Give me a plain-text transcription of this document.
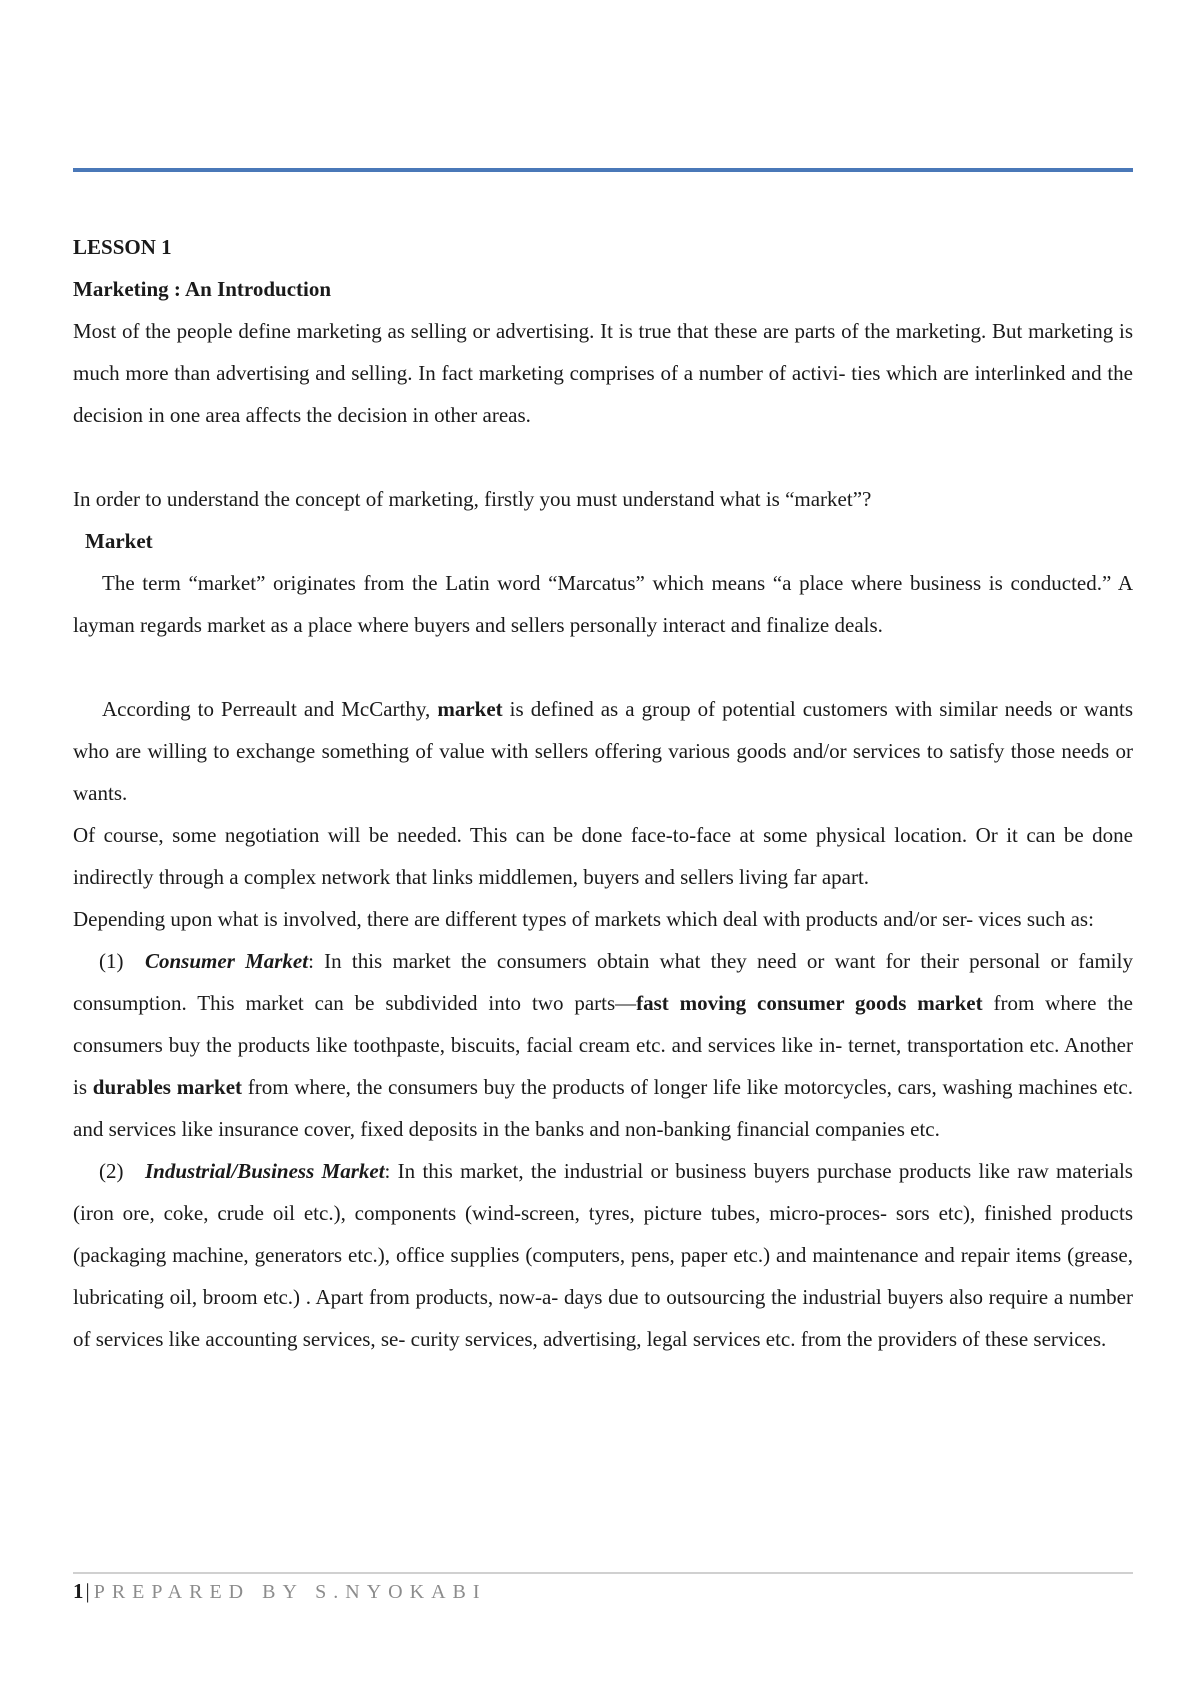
LESSON 1

Marketing : An Introduction

Most of the people define marketing as selling or advertising. It is true that these are parts of the marketing. But marketing is much more than advertising and selling. In fact marketing comprises of a number of activi- ties which are interlinked and the decision in one area affects the decision in other areas.

In order to understand the concept of marketing, firstly you must understand what is “market”?

Market

The term “market” originates from the Latin word “Marcatus” which means “a place where business is conducted.” A layman regards market as a place where buyers and sellers personally interact and finalize deals.

According to Perreault and McCarthy, market is defined as a group of potential customers with similar needs or wants who are willing to exchange something of value with sellers offering various goods and/or services to satisfy those needs or wants.

Of course, some negotiation will be needed. This can be done face-to-face at some physical location. Or it can be done indirectly through a complex network that links middlemen, buyers and sellers living far apart.

Depending upon what is involved, there are different types of markets which deal with products and/or ser- vices such as:

(1) Consumer Market: In this market the consumers obtain what they need or want for their personal or family consumption. This market can be subdivided into two parts—fast moving consumer goods market from where the consumers buy the products like toothpaste, biscuits, facial cream etc. and services like in- ternet, transportation etc. Another is durables market from where, the consumers buy the products of longer life like motorcycles, cars, washing machines etc. and services like insurance cover, fixed deposits in the banks and non-banking financial companies etc.

(2) Industrial/Business Market: In this market, the industrial or business buyers purchase products like raw materials (iron ore, coke, crude oil etc.), components (wind-screen, tyres, picture tubes, micro-proces- sors etc), finished products (packaging machine, generators etc.), office supplies (computers, pens, paper etc.) and maintenance and repair items (grease, lubricating oil, broom etc.) . Apart from products, now-a- days due to outsourcing the industrial buyers also require a number of services like accounting services, se- curity services, advertising, legal services etc. from the providers of these services.

1| PREPARED BY S.NYOKABI
